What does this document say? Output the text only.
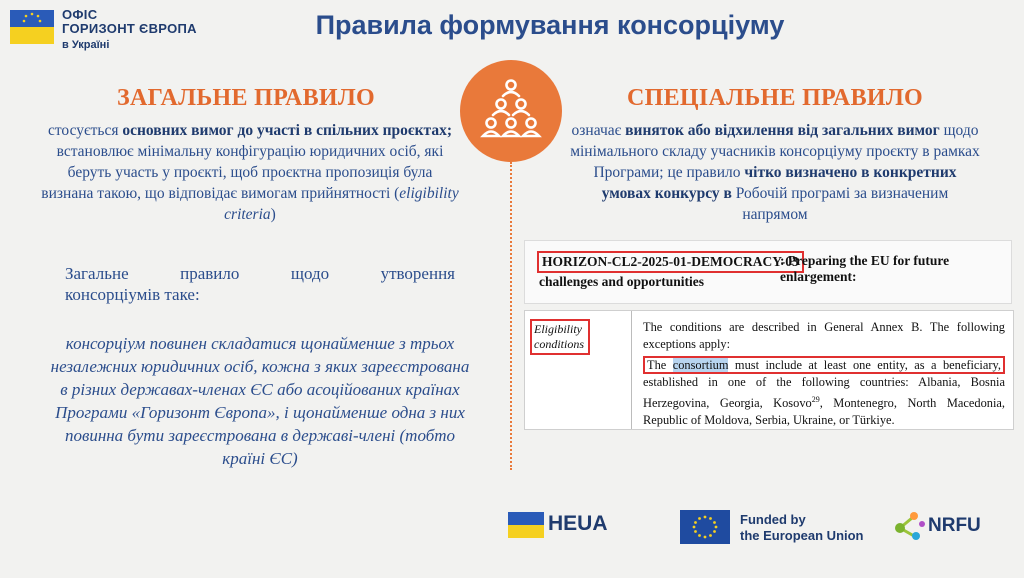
ОФІС
ГОРИЗОНТ ЄВРОПА
в Україні
Правила формування консорціуму
ЗАГАЛЬНЕ ПРАВИЛО
стосується основних вимог до участі в спільних проєктах; встановлює мінімальну конфігурацію юридичних осіб, які беруть участь у проєкті, щоб проєктна пропозиція була визнана такою, що відповідає вимогам прийнятності (eligibility criteria)
Загальне правило щодо утворення
консорціумів таке:
консорціум повинен складатися щонайменше з трьох незалежних юридичних осіб, кожна з яких зареєстрована в різних державах-членах ЄС або асоційованих країнах Програми «Горизонт Європа», і щонайменше одна з них повинна бути зареєстрована в державі-члені (тобто країні ЄС)
СПЕЦІАЛЬНЕ ПРАВИЛО
означає виняток або відхилення від загальних вимог щодо мінімального складу учасників консорціуму проєкту в рамках Програми; це правило чітко визначено в конкретних умовах конкурсу в Робочій програмі за визначеним напрямом
HORIZON-CL2-2025-01-DEMOCRACY-03
: Preparing the EU for future enlargement:
challenges and opportunities
Eligibility conditions
The conditions are described in General Annex B. The following exceptions apply:
The consortium must include at least one entity, as a beneficiary, established in one of the following countries: Albania, Bosnia Herzegovina, Georgia, Kosovo$^{29}$, Montenegro, North Macedonia, Republic of Moldova, Serbia, Ukraine, or Türkiye.
HEUA	Funded by
the European Union	NRFU
